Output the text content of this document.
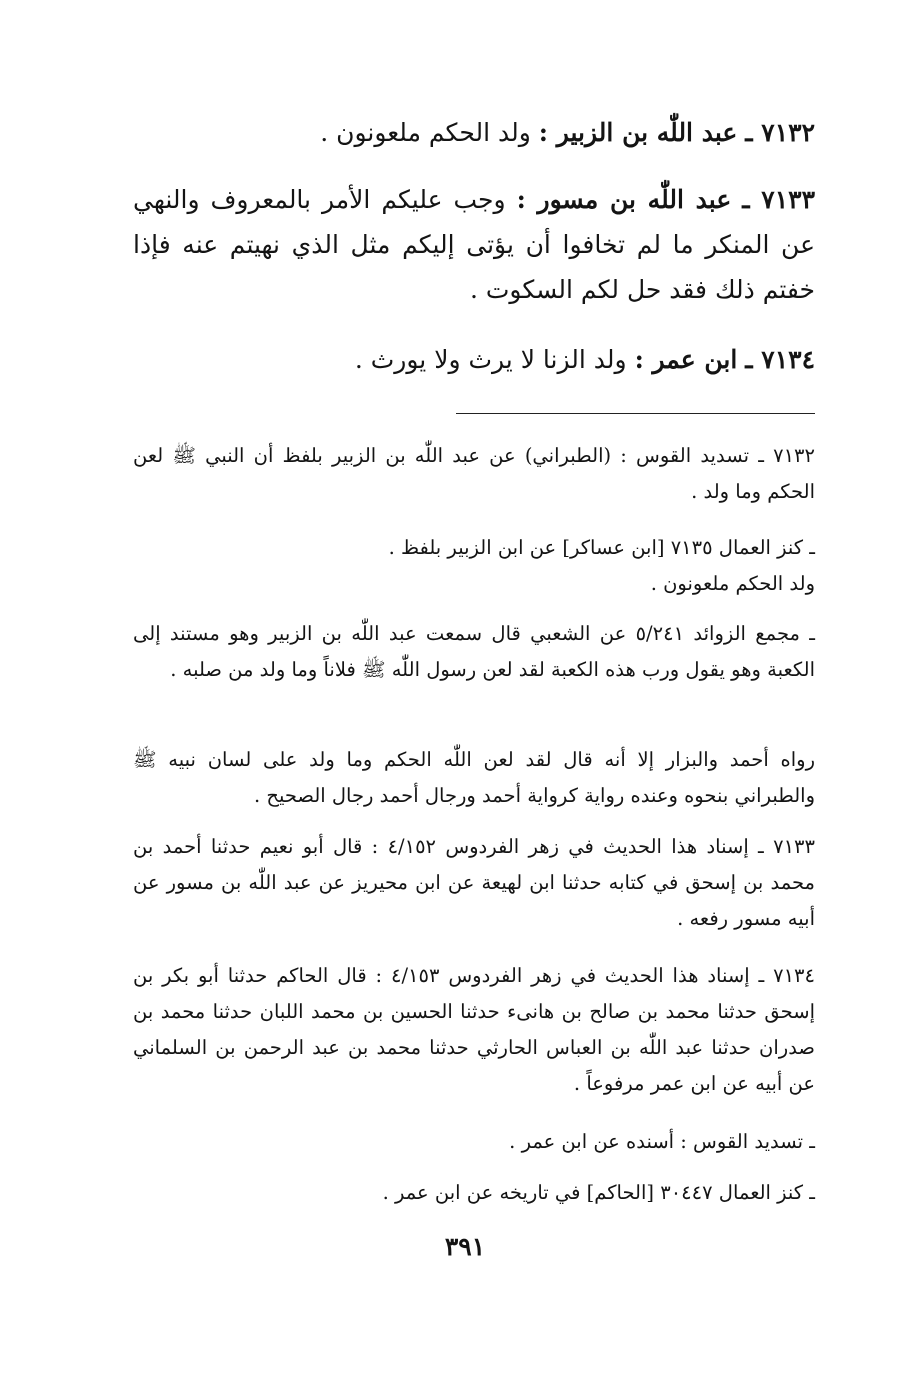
٧١٣٢ ـ عبد اللّٰه بن الزبير : ولد الحكم ملعونون .
٧١٣٣ ـ عبد اللّٰه بن مسور : وجب عليكم الأمر بالمعروف والنهي عن المنكر ما لم تخافوا أن يؤتى إليكم مثل الذي نهيتم عنه فإذا خفتم ذلك فقد حل لكم السكوت .
٧١٣٤ ـ ابن عمر : ولد الزنا لا يرث ولا يورث .
٧١٣٢ ـ تسديد القوس : (الطبراني) عن عبد اللّٰه بن الزبير بلفظ أن النبي ﷺ لعن الحكم وما ولد .
ـ كنز العمال ٧١٣٥ [ابن عساكر] عن ابن الزبير بلفظ .
ولد الحكم ملعونون .
ـ مجمع الزوائد ٥/٢٤١ عن الشعبي قال سمعت عبد اللّٰه بن الزبير وهو مستند إلى الكعبة وهو يقول ورب هذه الكعبة لقد لعن رسول اللّٰه ﷺ فلاناً وما ولد من صلبه .
رواه أحمد والبزار إلا أنه قال لقد لعن اللّٰه الحكم وما ولد على لسان نبيه ﷺ والطبراني بنحوه وعنده رواية كرواية أحمد ورجال أحمد رجال الصحيح .
٧١٣٣ ـ إسناد هذا الحديث في زهر الفردوس ٤/١٥٢ : قال أبو نعيم حدثنا أحمد بن محمد بن إسحق في كتابه حدثنا ابن لهيعة عن ابن محيريز عن عبد اللّٰه بن مسور عن أبيه مسور رفعه .
٧١٣٤ ـ إسناد هذا الحديث في زهر الفردوس ٤/١٥٣ : قال الحاكم حدثنا أبو بكر بن إسحق حدثنا محمد بن صالح بن هانىء حدثنا الحسين بن محمد اللبان حدثنا محمد بن صدران حدثنا عبد اللّٰه بن العباس الحارثي حدثنا محمد بن عبد الرحمن بن السلماني عن أبيه عن ابن عمر مرفوعاً .
ـ تسديد القوس : أسنده عن ابن عمر .
ـ كنز العمال ٣٠٤٤٧ [الحاكم] في تاريخه عن ابن عمر .
٣٩١
